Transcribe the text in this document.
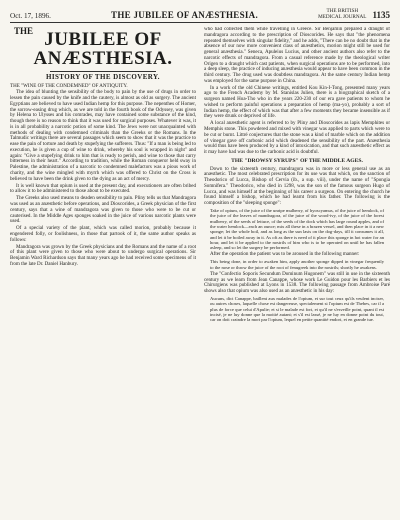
Oct. 17, 1896.	THE JUBILEE OF ANÆSTHESIA.	THE BRITISH
MEDICAL JOURNAL 1135
THE JUBILEE OF ANÆSTHESIA.
HISTORY OF THE DISCOVERY.

THE "WINE OF THE CONDEMNED" OF ANTIQUITY.

The idea of blunting the sensibility of the body to pain by the use of drugs in order to lessen the pain caused by the knife and the cautery, is almost as old as surgery. The ancient Egyptians are believed to have used Indian hemp for this purpose. The nepenthes of Homer, the sorrow-easing drug which, as we are told in the fourth book of the Odyssey, was given by Helena to Ulysses and his comrades, may have contained some substance of the kind, though there is no reason to think that it was used for surgical purposes. Whatever it was, it is in all probability a narcotic potion of some kind. The Jews were not unacquainted with methods of dealing with condemned criminals than the Greeks or the Romans. In the Talmudic writings there are several passages which seem to show that it was the practice to ease the pain of torture and death by stupefying the sufferers. Thus: "If a man is being led to execution, he is given a cup of wine to drink, whereby his soul is wrapped in night" and again: "Give a stupefying drink to him that is ready to perish, and wine to those that carry bitterness in their heart." According to tradition, while the Roman conqueror held sway in Palestine, the administration of a narcotic to condemned malefactors was a pious work of charity, and the wine mingled with myrrh which was offered to Christ on the Cross is believed to have been the drink given to the dying as an act of mercy.

It is well known that opium is used at the present day, and executioners are often bribed to allow it to be administered to those about to be executed.

The Greeks also used means to deaden sensibility to pain. Pliny tells us that Mandragora was used as an anæsthetic before operations, and Dioscorides, a Greek physician of the first century, says that a wine of mandragora was given to those who were to be cut or cauterised. In the Middle Ages sponges soaked in the juice of various narcotic plants were used.

Of a special variety of the plant, which was called morion, probably because it engendered folly, or foolishness, in those that partook of it, the same author speaks as follows:

Mandragora was grown by the Greek physicians and the Romans and the name of a root of this plant were given to those who were about to undergo surgical operations. Sir Benjamin Ward Richardson says that many years ago he had received some specimens of it from the late Dr. Daniel Hanbury.

who had collected them while travelling in Greece. Sir Benjamin prepared a draught of mandragora according to the prescription of Dioscorides. He says that "the phenomena repeated themselves with singular fidelity," and he adds, "There can be no doubt that in the absence of our now more convenient class of anæsthetics, morion might still be used for general anæsthesia." Seneca, Apuleius Lucius, and other ancient authors also refer to the narcotic effects of mandragora. From a casual reference made by the theological writer Origen to a draught which cast patients, when surgical operations are to be performed, into a deep sleep, the practice of inducing anæsthesia would appear to have been common in the third century. The drug used was doubtless mandragora. At the same century Indian hemp was employed for the same purpose in China.

In a work of the old Chinese writings, entitled Kou Kin-I-Tong, presented many years ago to the French Academy by M. Stanislas Julien, there is a biographical sketch of a surgeon named Hoa-Tho who in the years 220-230 of our era gave patients to whom he wished to perform painful operations a preparation of hemp (ma-yo), probably a sort of Indian hemp, the effect of which was that after a few moments they became insensible as if they were drunk or deprived of life.

A local anæsthetic agent is referred to by Pliny and Dioscorides as lapis Memphites or Memphis stone. This powdered and mixed with vinegar was applied to parts which were to be cut or burnt. Littré conjectures that the stone was a kind of marble which on the addition of vinegar gave off carbonic acid which deadened the sensibility of the part. Anæsthesia would thus have been produced by a kind of intoxication, and that such anæsthetic effect as it may have had was due to the carbonic acid is doubtful.

THE "DROWSY SYRUPS" OF THE MIDDLE AGES.

Down to the sixteenth century, mandragora was in more or less general use as an anæsthetic. The most celebrated prescription for its use was that which, on the sanction of Theodorico of Lucca, Bishop of Cervia (ib., a sup. viii), under the name of "Spongia Somnifera." Theodorico, who died in 1298, was the son of the famous surgeon Hugo of Lucca, and was himself at the beginning of his career a surgeon. On entering the church he found himself a bishop, which he had learnt from his father. The following is the composition of the "sleeping sponge":

Take of opium, of the juice of the unripe mulberry, of hyoscyamus, of the juice of hemlock, of the juice of the leaves of mandragora, of the juice of the wood-ivy, of the juice of the forest mulberry, of the seeds of lettuce, of the seeds of the dock which has large round apples, and of the water hemlock—each an ounce; mix all these in a brazen vessel, and then place in it a new sponge; let the whole boil, and as long as the sun lasts on the dog-days, till it consumes it all, and let it be boiled away in it. As oft as there is need of it place this sponge in hot water for an hour, and let it be applied to the nostrils of him who is to be operated on until he has fallen asleep, and so let the surgery be performed.

After the operation the patient was to be aroused in the following manner:

This being done, in order to awaken him, apply another sponge dipped in vinegar frequently to the nose or throw the juice of the root of fenugreek into the nostrils; shortly he awakens.

The "Confectio Soporis Secundum Dominum Hugonem" was still in use in the sixteenth century as we learn from Jean Canappe, whose work Le Guidon pour les Barbiers et les Chirurgiens was published at Lyons in 1538. The following passage from Ambroise Paré shows also that opium was also used as an anæsthetic in his day:

Aucuns, dict Canappe, baillent aux malades de l'opium, et sur tout ceux qu'ils veulent inciser, ou autres choses, laquelle chose est dangereuse, specialement si l'opium est de Thebes, car il a plus de force que celui d'Apulie; et si le malade est fort, et qu'il ne s'esveille point, quant il est incisé, je ne luy donne que la moitié autant; et s'il est lassé, je ne luy en donne point du tout, car on doit craindre la mort par l'opium, lequel en petite quantité endort, et en grande tue.
